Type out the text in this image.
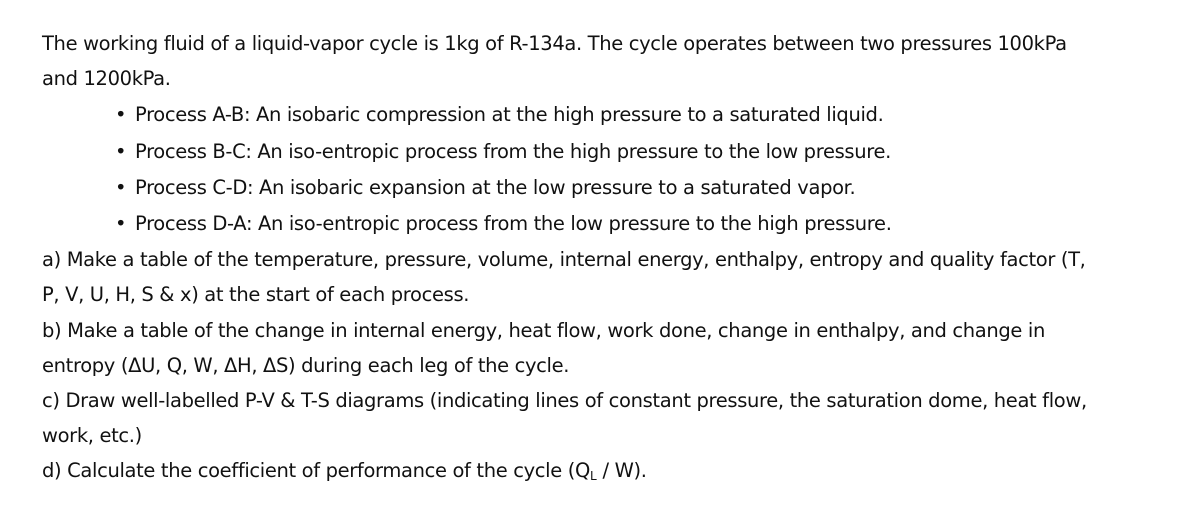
The working fluid of a liquid-vapor cycle is 1kg of R-134a. The cycle operates between two pressures 100kPa
and 1200kPa.
• Process A-B: An isobaric compression at the high pressure to a saturated liquid.
• Process B-C: An iso-entropic process from the high pressure to the low pressure.
• Process C-D: An isobaric expansion at the low pressure to a saturated vapor.
• Process D-A: An iso-entropic process from the low pressure to the high pressure.
a) Make a table of the temperature, pressure, volume, internal energy, enthalpy, entropy and quality factor (T,
P, V, U, H, S & x) at the start of each process.
b) Make a table of the change in internal energy, heat flow, work done, change in enthalpy, and change in
entropy (ΔU, Q, W, ΔH, ΔS) during each leg of the cycle.
c) Draw well-labelled P-V & T-S diagrams (indicating lines of constant pressure, the saturation dome, heat flow,
work, etc.)
d) Calculate the coefficient of performance of the cycle $(Q_L / W)$.
